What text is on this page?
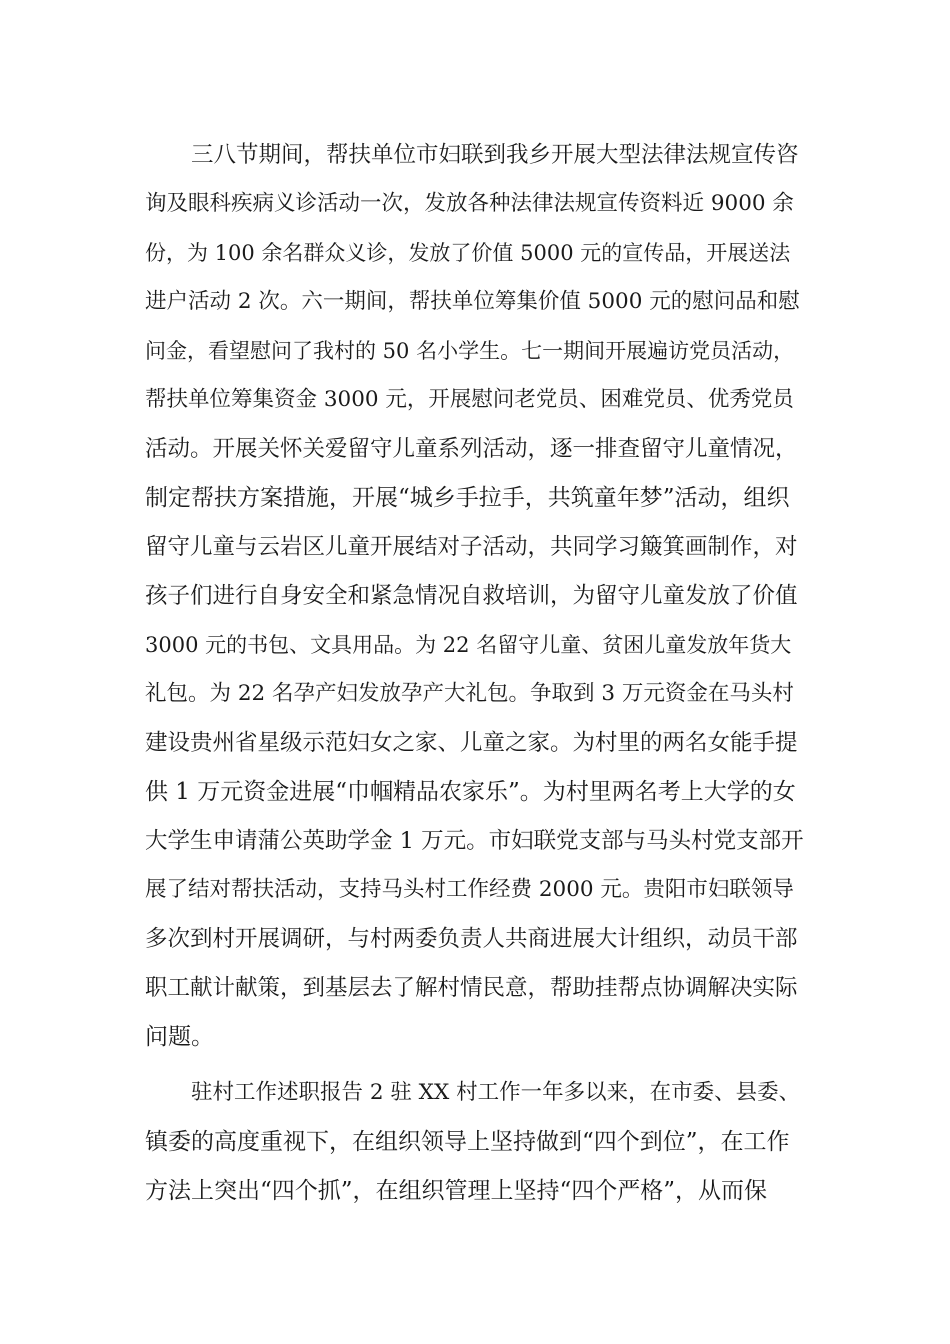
三八节期间，帮扶单位市妇联到我乡开展大型法律法规宣传咨
询及眼科疾病义诊活动一次，发放各种法律法规宣传资料近 9000 余
份，为 100 余名群众义诊，发放了价值 5000 元的宣传品，开展送法
进户活动 2 次。六一期间，帮扶单位筹集价值 5000 元的慰问品和慰
问金，看望慰问了我村的 50 名小学生。七一期间开展遍访党员活动，
帮扶单位筹集资金 3000 元，开展慰问老党员、困难党员、优秀党员
活动。开展关怀关爱留守儿童系列活动，逐一排查留守儿童情况，
制定帮扶方案措施，开展“城乡手拉手，共筑童年梦”活动，组织
留守儿童与云岩区儿童开展结对子活动，共同学习簸箕画制作，对
孩子们进行自身安全和紧急情况自救培训，为留守儿童发放了价值
3000 元的书包、文具用品。为 22 名留守儿童、贫困儿童发放年货大
礼包。为 22 名孕产妇发放孕产大礼包。争取到 3 万元资金在马头村
建设贵州省星级示范妇女之家、儿童之家。为村里的两名女能手提
供 1 万元资金进展“巾帼精品农家乐”。为村里两名考上大学的女
大学生申请蒲公英助学金 1 万元。市妇联党支部与马头村党支部开
展了结对帮扶活动，支持马头村工作经费 2000 元。贵阳市妇联领导
多次到村开展调研，与村两委负责人共商进展大计组织，动员干部
职工献计献策，到基层去了解村情民意，帮助挂帮点协调解决实际
问题。
驻村工作述职报告 2 驻 XX 村工作一年多以来，在市委、县委、
镇委的高度重视下，在组织领导上坚持做到“四个到位”，在工作
方法上突出“四个抓”，在组织管理上坚持“四个严格”，从而保
